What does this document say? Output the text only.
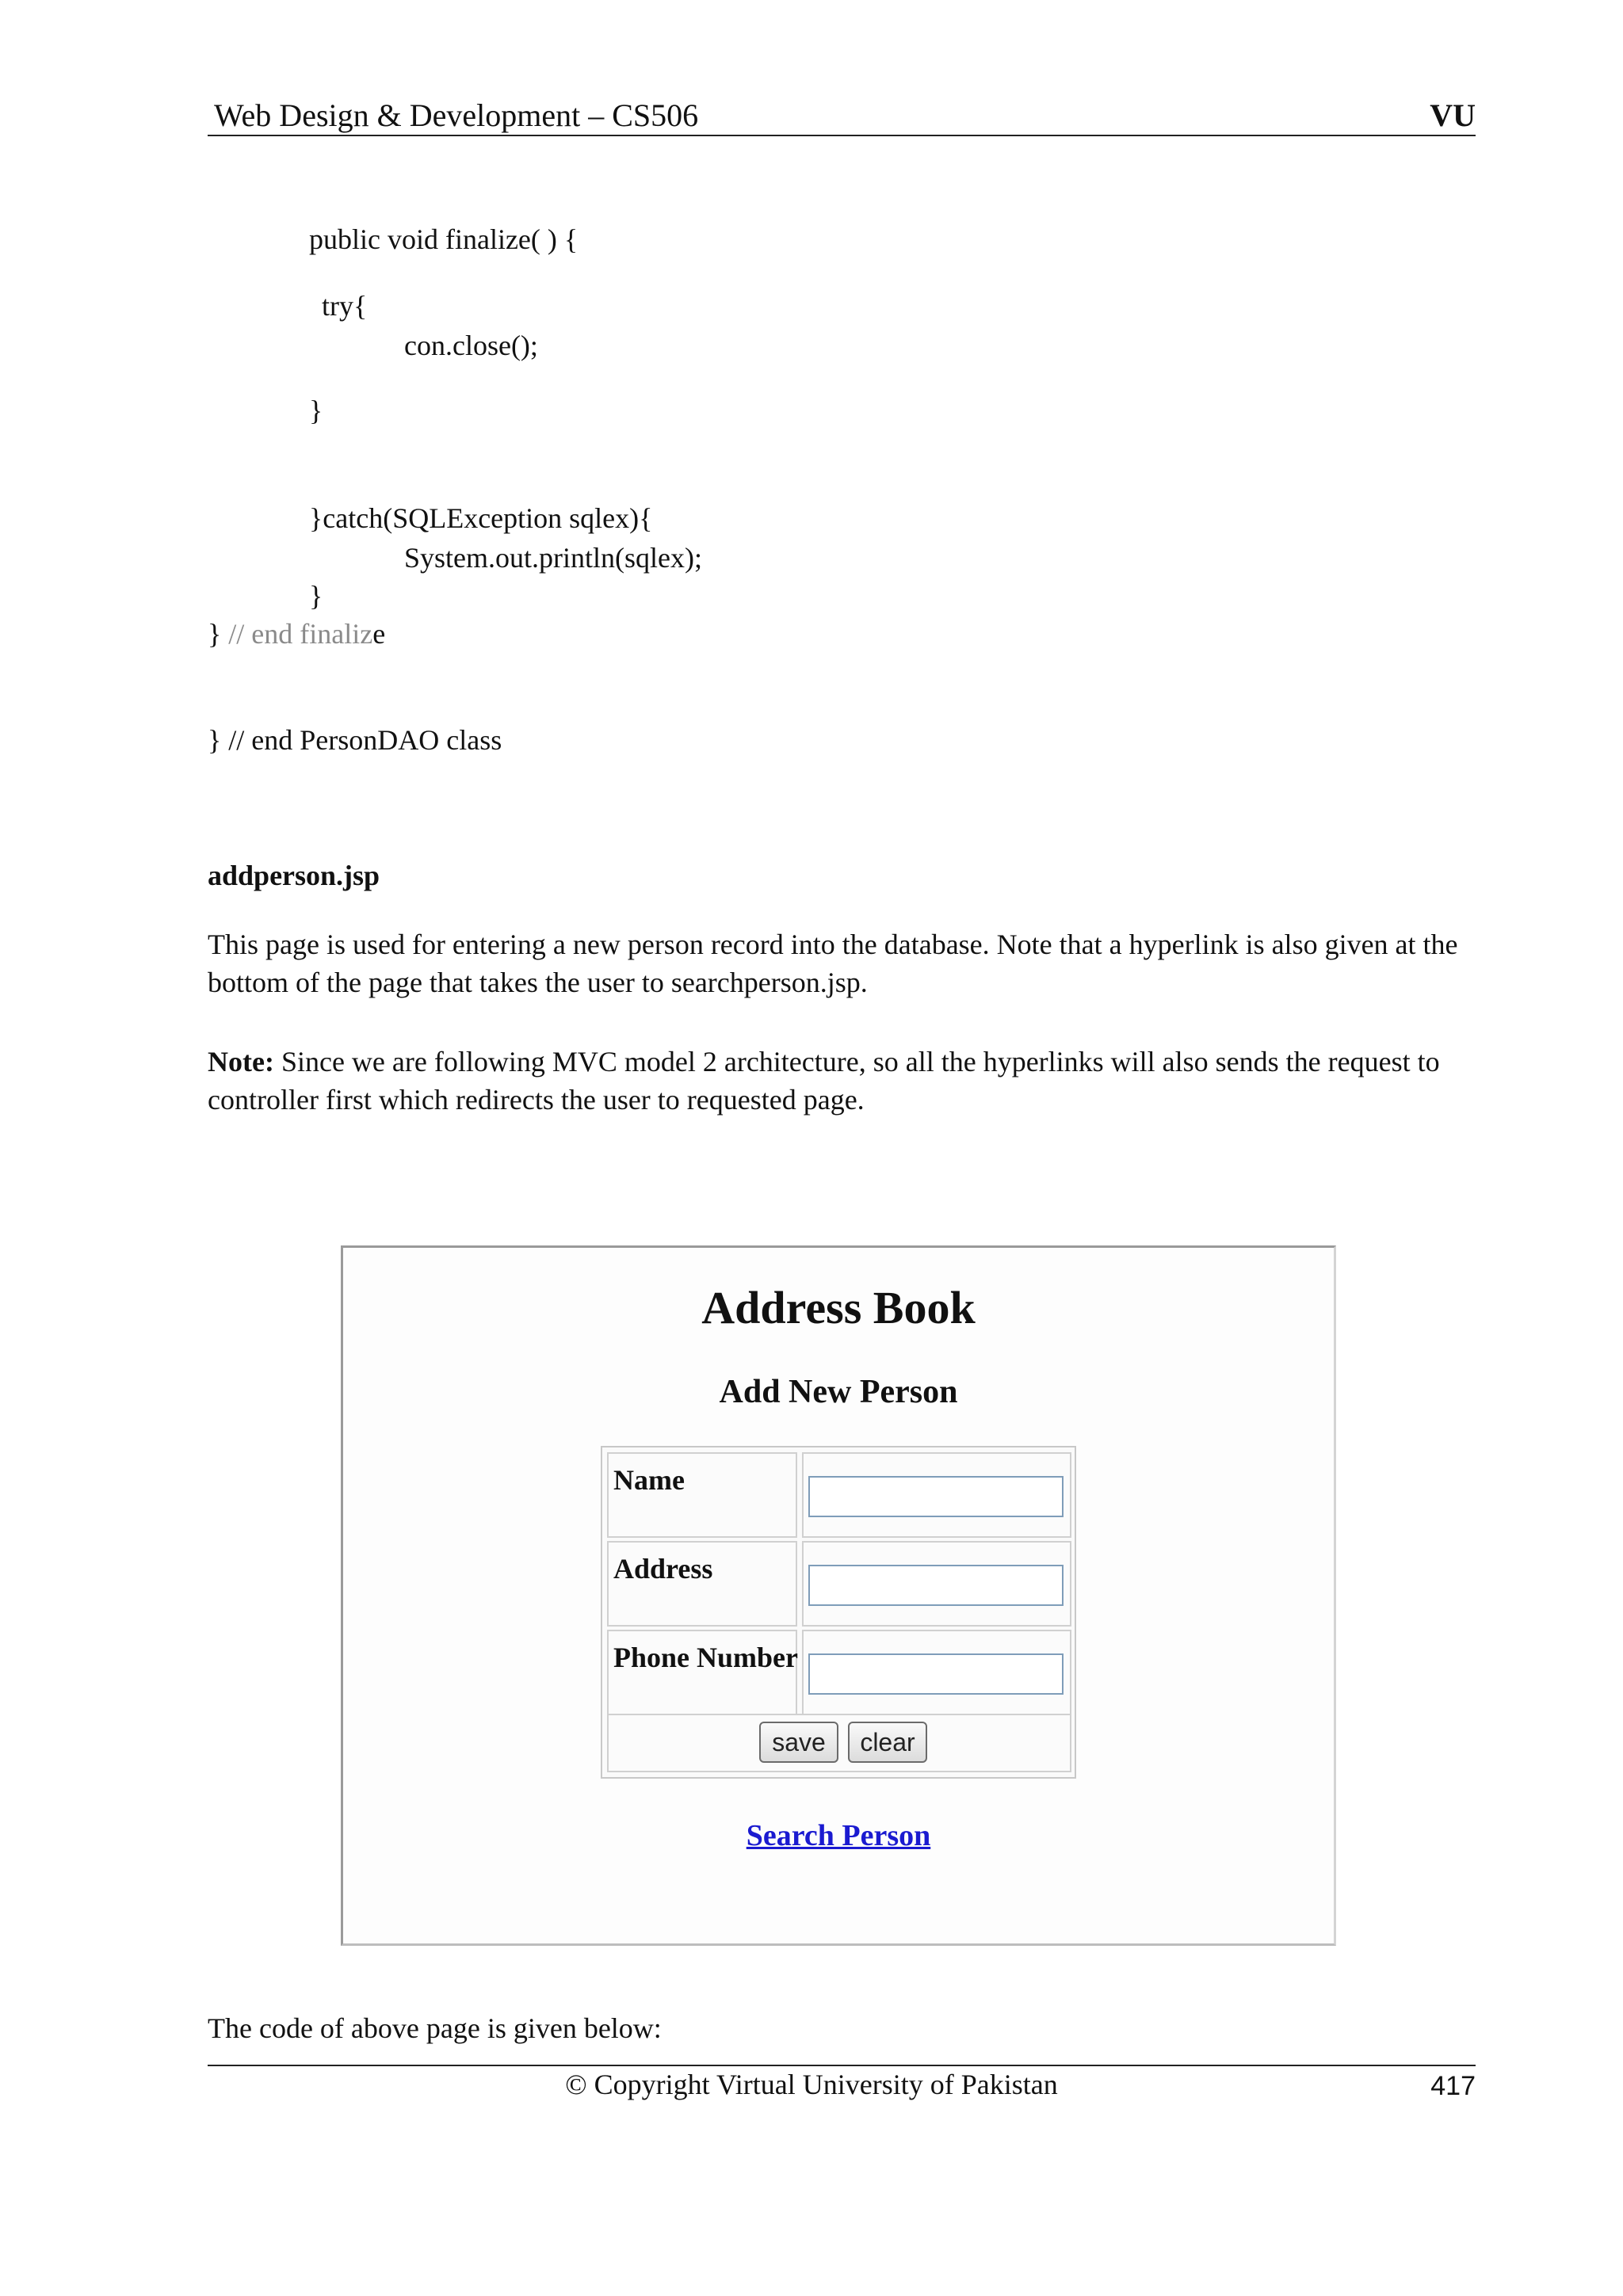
Web Design & Development – CS506	VU
public void finalize( ) {
try{
con.close();
}
}catch(SQLException sqlex){
System.out.println(sqlex);
}
} // end finalize
} // end PersonDAO class
addperson.jsp
This page is used for entering a new person record into the database. Note that a hyperlink is also given at the bottom of the page that takes the user to searchperson.jsp.
Note: Since we are following MVC model 2 architecture, so all the hyperlinks will also sends the request to controller first which redirects the user to requested page.
Address Book
Add New Person
Name
Address
Phone Number
save	clear
Search Person
The code of above page is given below:
© Copyright Virtual University of Pakistan	417
